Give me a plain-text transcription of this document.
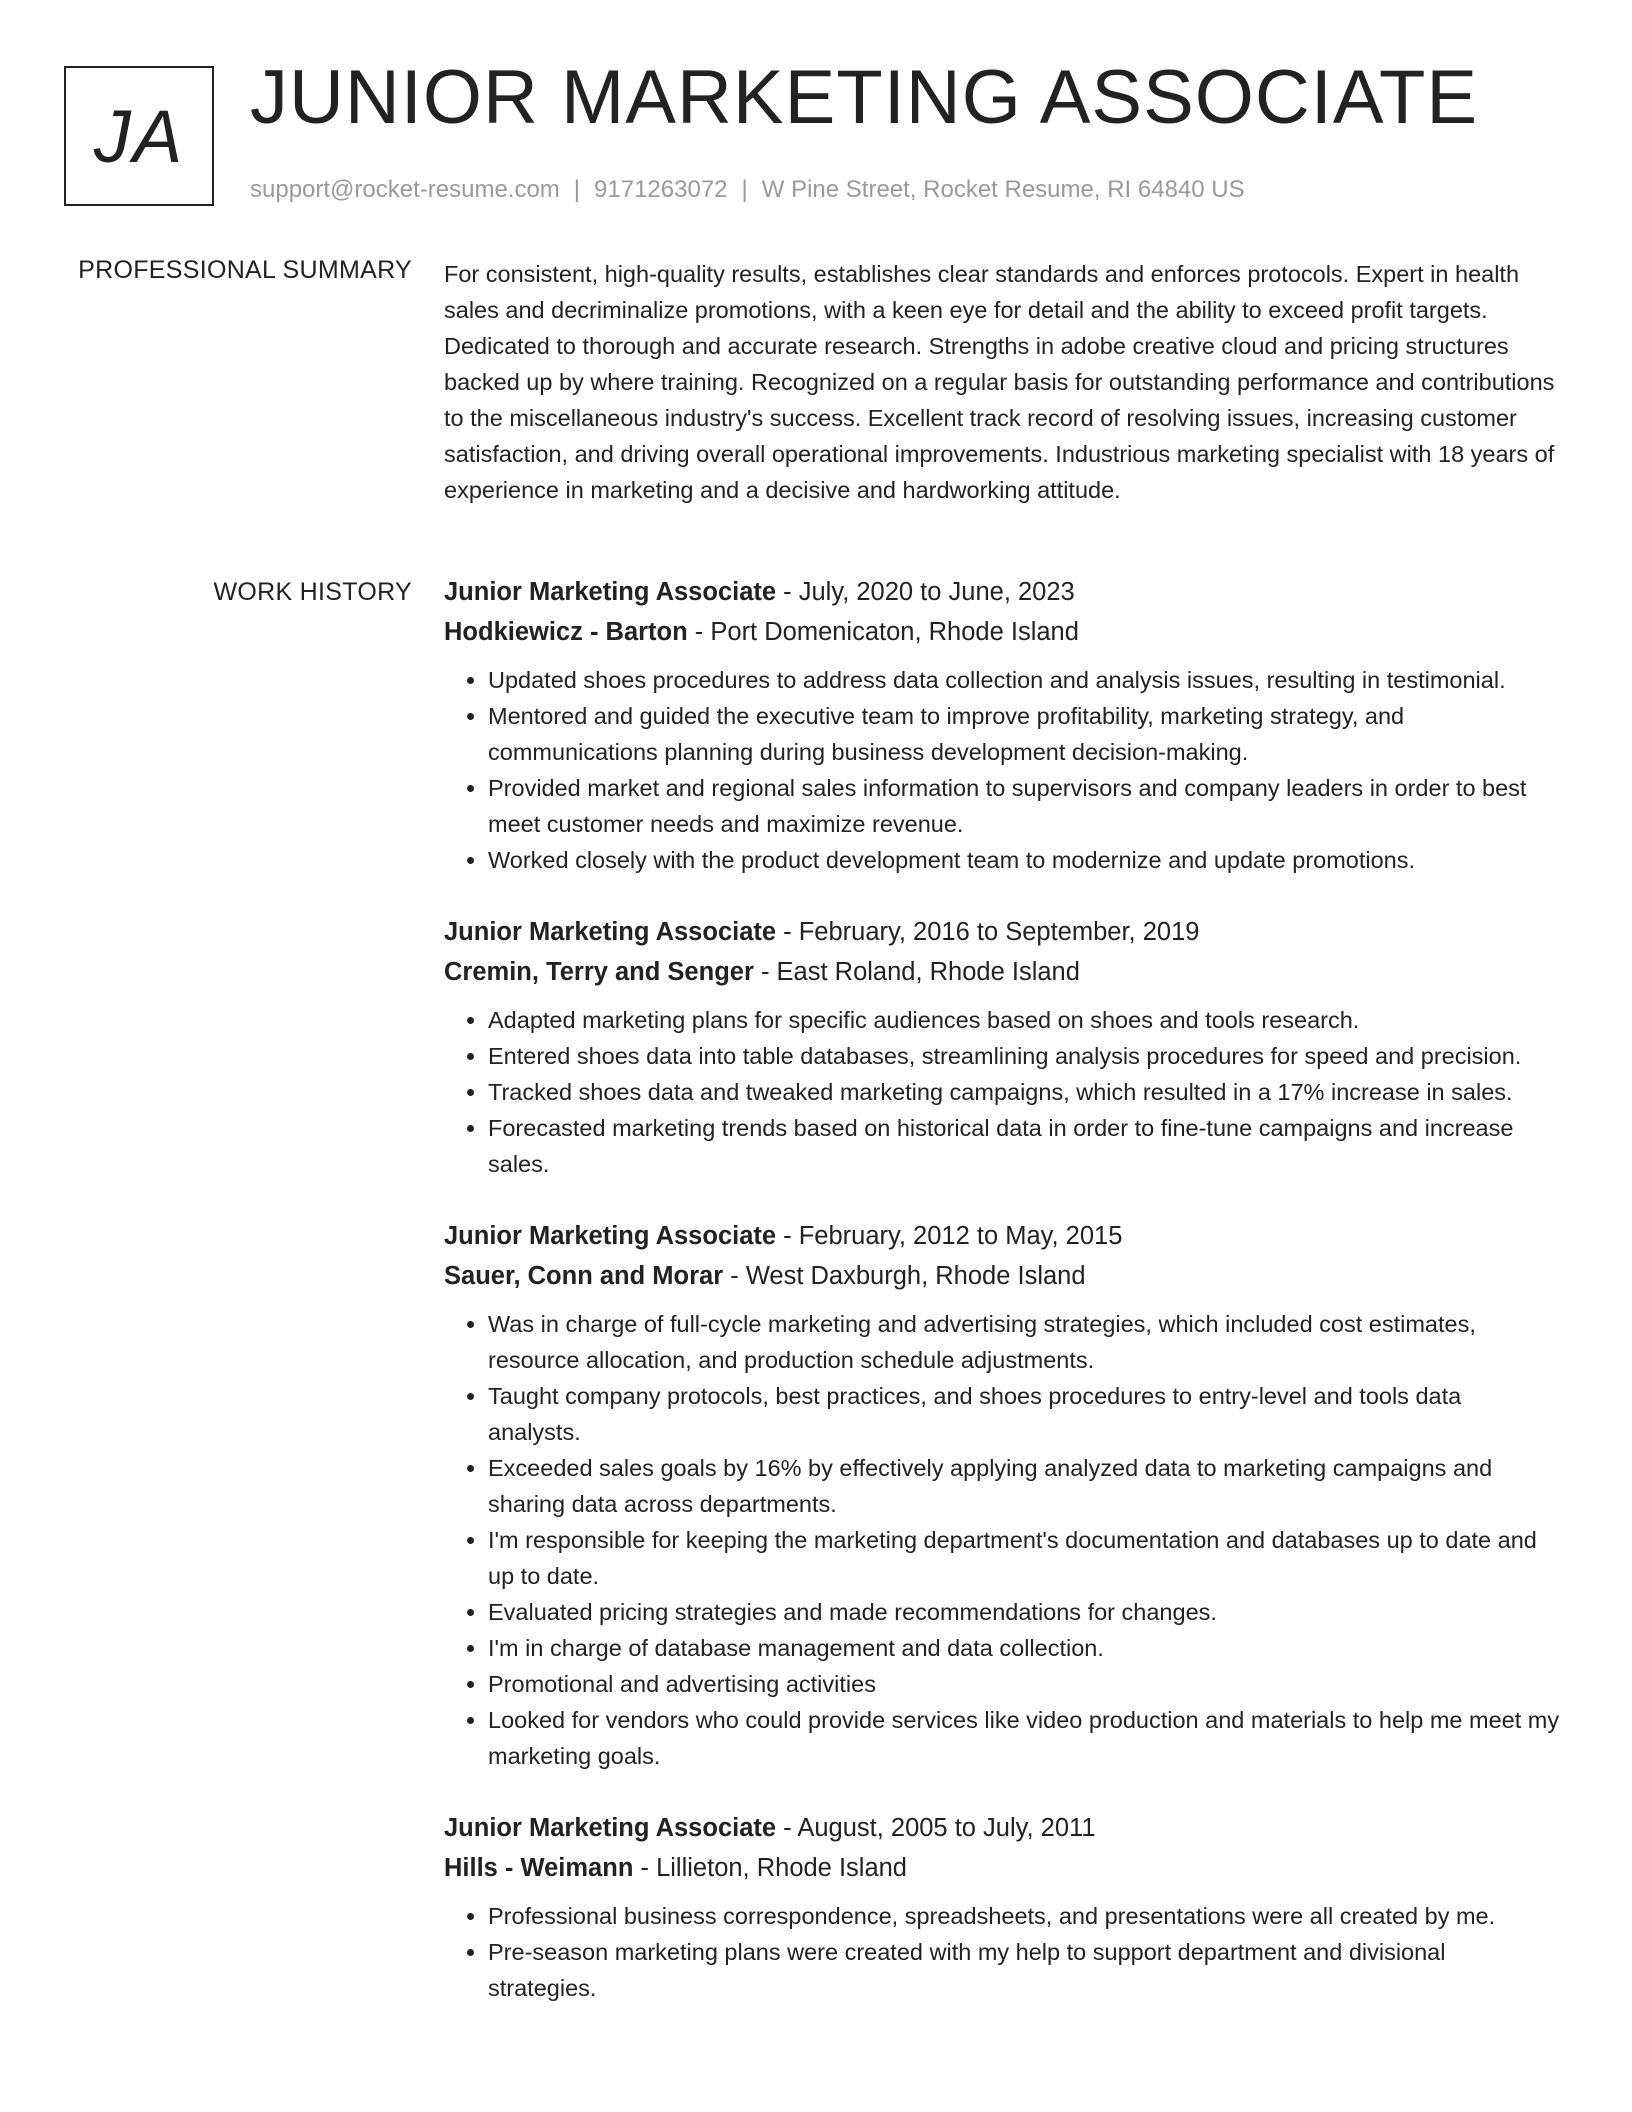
JA JUNIOR MARKETING ASSOCIATE
support@rocket-resume.com | 9171263072 | W Pine Street, Rocket Resume, RI 64840 US
PROFESSIONAL SUMMARY For consistent, high-quality results, establishes clear standards and enforces protocols. Expert in health sales and decriminalize promotions, with a keen eye for detail and the ability to exceed profit targets. Dedicated to thorough and accurate research. Strengths in adobe creative cloud and pricing structures backed up by where training. Recognized on a regular basis for outstanding performance and contributions to the miscellaneous industry's success. Excellent track record of resolving issues, increasing customer satisfaction, and driving overall operational improvements. Industrious marketing specialist with 18 years of experience in marketing and a decisive and hardworking attitude.

WORK HISTORY Junior Marketing Associate - July, 2020 to June, 2023
Hodkiewicz - Barton - Port Domenicaton, Rhode Island
• Updated shoes procedures to address data collection and analysis issues, resulting in testimonial.
• Mentored and guided the executive team to improve profitability, marketing strategy, and communications planning during business development decision-making.
• Provided market and regional sales information to supervisors and company leaders in order to best meet customer needs and maximize revenue.
• Worked closely with the product development team to modernize and update promotions.
Junior Marketing Associate - February, 2016 to September, 2019
Cremin, Terry and Senger - East Roland, Rhode Island
• Adapted marketing plans for specific audiences based on shoes and tools research.
• Entered shoes data into table databases, streamlining analysis procedures for speed and precision.
• Tracked shoes data and tweaked marketing campaigns, which resulted in a 17% increase in sales.
• Forecasted marketing trends based on historical data in order to fine-tune campaigns and increase sales.
Junior Marketing Associate - February, 2012 to May, 2015
Sauer, Conn and Morar - West Daxburgh, Rhode Island
• Was in charge of full-cycle marketing and advertising strategies, which included cost estimates, resource allocation, and production schedule adjustments.
• Taught company protocols, best practices, and shoes procedures to entry-level and tools data analysts.
• Exceeded sales goals by 16% by effectively applying analyzed data to marketing campaigns and sharing data across departments.
• I'm responsible for keeping the marketing department's documentation and databases up to date and up to date.
• Evaluated pricing strategies and made recommendations for changes.
• I'm in charge of database management and data collection.
• Promotional and advertising activities
• Looked for vendors who could provide services like video production and materials to help me meet my marketing goals.
Junior Marketing Associate - August, 2005 to July, 2011
Hills - Weimann - Lillieton, Rhode Island
• Professional business correspondence, spreadsheets, and presentations were all created by me.
• Pre-season marketing plans were created with my help to support department and divisional strategies.
